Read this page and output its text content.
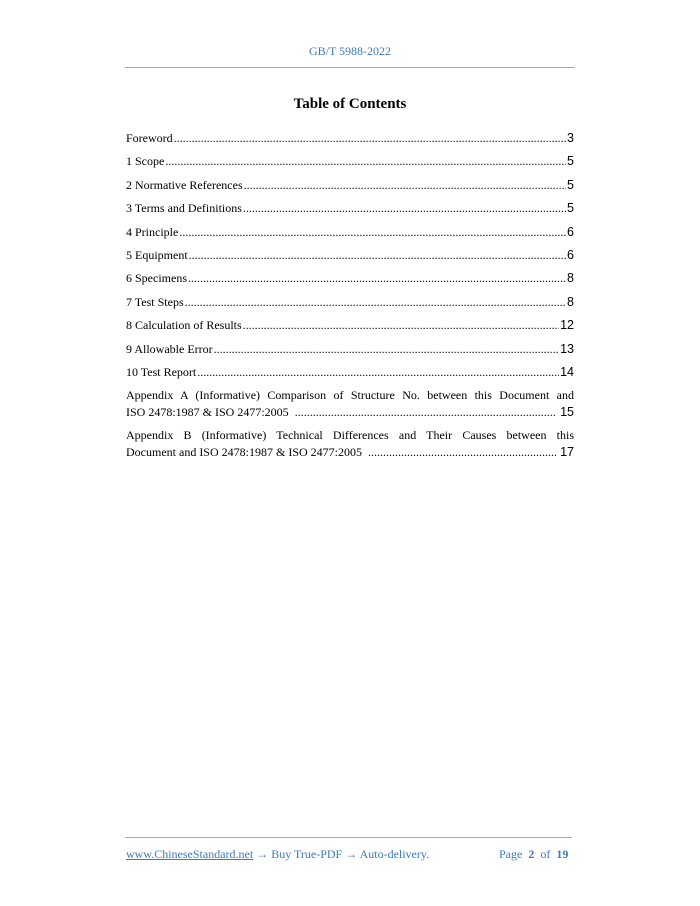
GB/T 5988-2022
Table of Contents
Foreword .....	3
1 Scope .....	5
2 Normative References .....	5
3 Terms and Definitions .....	5
4 Principle .....	6
5 Equipment .....	6
6 Specimens .....	8
7 Test Steps .....	8
8 Calculation of Results .....	12
9 Allowable Error .....	13
10 Test Report .....	14
Appendix A (Informative) Comparison of Structure No. between this Document and
ISO 2478:1987 & ISO 2477:2005 .....	15
Appendix B (Informative) Technical Differences and Their Causes between this
Document and ISO 2478:1987 & ISO 2477:2005 .....	17
www.ChineseStandard.net → Buy True-PDF → Auto-delivery.	Page 2 of 19
